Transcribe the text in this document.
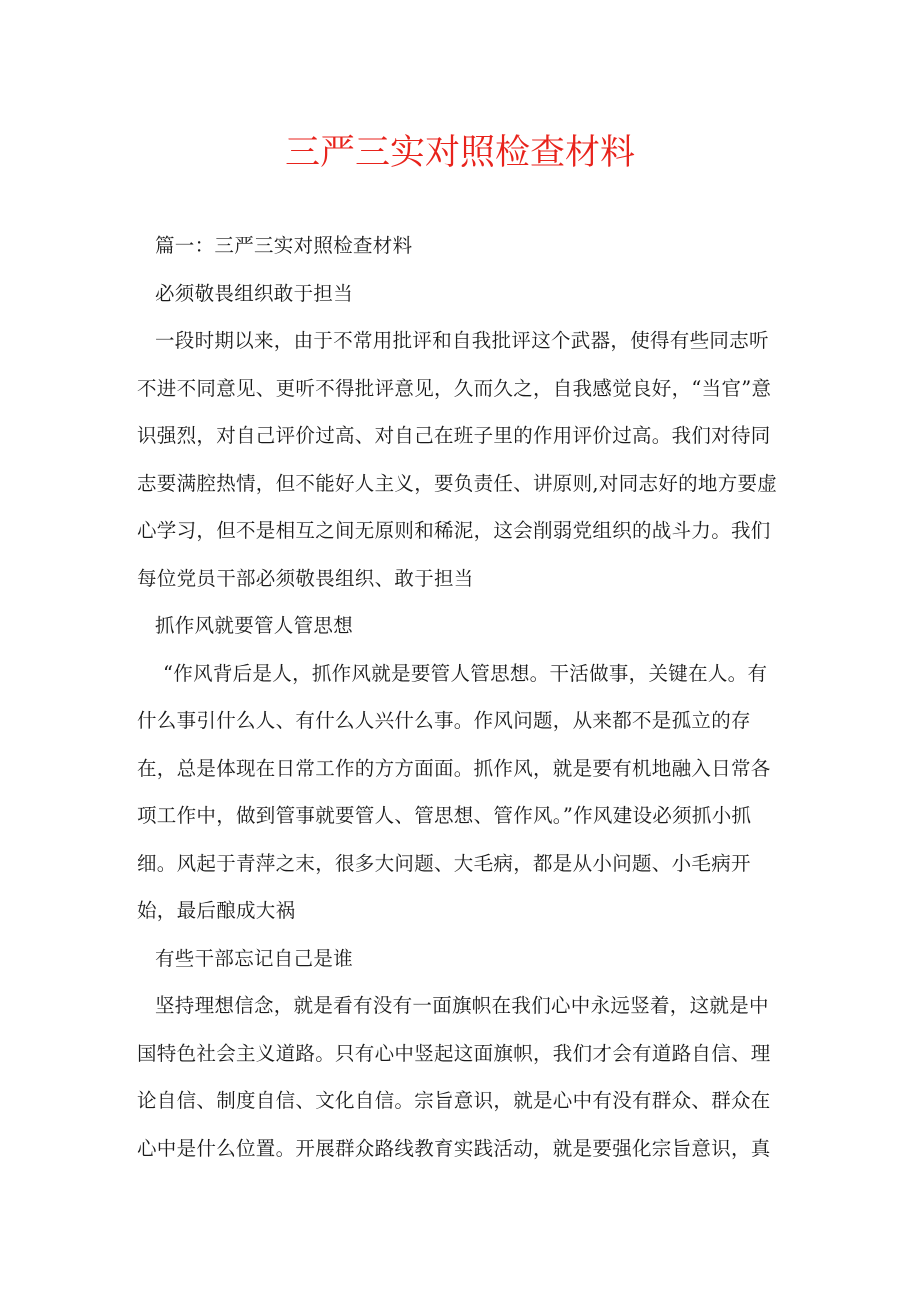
三严三实对照检查材料

篇一：三严三实对照检查材料

必须敬畏组织敢于担当

一段时期以来，由于不常用批评和自我批评这个武器，使得有些同志听不进不同意见、更听不得批评意见，久而久之，自我感觉良好，“当官”意识强烈，对自己评价过高、对自己在班子里的作用评价过高。我们对待同志要满腔热情，但不能好人主义，要负责任、讲原则,对同志好的地方要虚心学习，但不是相互之间无原则和稀泥，这会削弱党组织的战斗力。我们每位党员干部必须敬畏组织、敢于担当

抓作风就要管人管思想

“作风背后是人，抓作风就是要管人管思想。干活做事，关键在人。有什么事引什么人、有什么人兴什么事。作风问题，从来都不是孤立的存在，总是体现在日常工作的方方面面。抓作风，就是要有机地融入日常各项工作中，做到管事就要管人、管思想、管作风。”作风建设必须抓小抓细。风起于青萍之末，很多大问题、大毛病，都是从小问题、小毛病开始，最后酿成大祸

有些干部忘记自己是谁

坚持理想信念，就是看有没有一面旗帜在我们心中永远竖着，这就是中国特色社会主义道路。只有心中竖起这面旗帜，我们才会有道路自信、理论自信、制度自信、文化自信。宗旨意识，就是心中有没有群众、群众在心中是什么位置。开展群众路线教育实践活动，就是要强化宗旨意识，真
